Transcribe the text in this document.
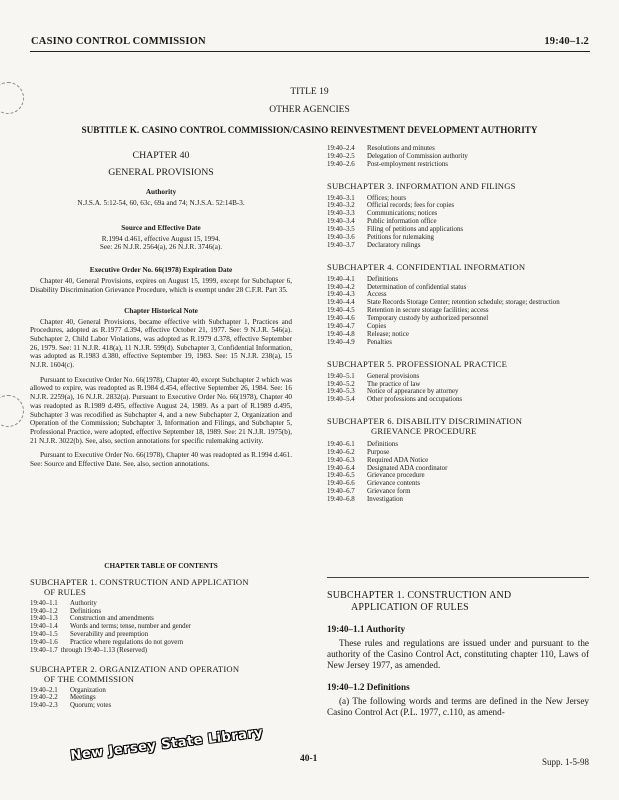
CASINO CONTROL COMMISSION	19:40–1.2
TITLE 19
OTHER AGENCIES
SUBTITLE K. CASINO CONTROL COMMISSION/CASINO REINVESTMENT DEVELOPMENT AUTHORITY
CHAPTER 40
GENERAL PROVISIONS
Authority
N.J.S.A. 5:12-54, 60, 63c, 69a and 74; N.J.S.A. 52:14B-3.
Source and Effective Date
R.1994 d.461, effective August 15, 1994.
See: 26 N.J.R. 2564(a), 26 N.J.R. 3746(a).
Executive Order No. 66(1978) Expiration Date

Chapter 40, General Provisions, expires on August 15, 1999, except for Subchapter 6, Disability Discrimination Grievance Procedure, which is exempt under 28 C.F.R. Part 35.

Chapter Historical Note

Chapter 40, General Provisions, became effective with Subchapter 1, Practices and Procedures, adopted as R.1977 d.394, effective October 21, 1977. See: 9 N.J.R. 546(a). Subchapter 2, Child Labor Violations, was adopted as R.1979 d.378, effective September 26, 1979. See: 11 N.J.R. 418(a), 11 N.J.R. 599(d). Subchapter 3, Confidential Information, was adopted as R.1983 d.380, effective September 19, 1983. See: 15 N.J.R. 238(a), 15 N.J.R. 1604(c).

Pursuant to Executive Order No. 66(1978), Chapter 40, except Subchapter 2 which was allowed to expire, was readopted as R.1984 d.454, effective September 26, 1984. See: 16 N.J.R. 2259(a), 16 N.J.R. 2832(a). Pursuant to Executive Order No. 66(1978), Chapter 40 was readopted as R.1989 d.495, effective August 24, 1989. As a part of R.1989 d.495, Subchapter 3 was recodified as Subchapter 4, and a new Subchapter 2, Organization and Operation of the Commission; Subchapter 3, Information and Filings, and Subchapter 5, Professional Practice, were adopted, effective September 18, 1989. See: 21 N.J.R. 1975(b), 21 N.J.R. 3022(b). See, also, section annotations for specific rulemaking activity.

Pursuant to Executive Order No. 66(1978), Chapter 40 was readopted as R.1994 d.461. See: Source and Effective Date. See, also, section annotations.

CHAPTER TABLE OF CONTENTS

SUBCHAPTER 1. CONSTRUCTION AND APPLICATION
OF RULES

19:40–1.1	Authority
19:40–1.2	Definitions
19:40–1.3	Construction and amendments
19:40–1.4	Words and terms; tense, number and gender
19:40–1.5	Severability and preemption
19:40–1.6	Practice where regulations do not govern
19:40–1.7 through 19:40–1.13 (Reserved)

SUBCHAPTER 2. ORGANIZATION AND OPERATION
OF THE COMMISSION

19:40–2.1	Organization
19:40–2.2	Meetings
19:40–2.3	Quorum; votes
19:40–2.4	Resolutions and minutes
19:40–2.5	Delegation of Commission authority
19:40–2.6	Post-employment restrictions

SUBCHAPTER 3. INFORMATION AND FILINGS

19:40–3.1	Offices; hours
19:40–3.2	Official records; fees for copies
19:40–3.3	Communications; notices
19:40–3.4	Public information office
19:40–3.5	Filing of petitions and applications
19:40–3.6	Petitions for rulemaking
19:40–3.7	Declaratory rulings

SUBCHAPTER 4. CONFIDENTIAL INFORMATION

19:40–4.1	Definitions
19:40–4.2	Determination of confidential status
19:40–4.3	Access
19:40–4.4	State Records Storage Center; retention schedule; storage; destruction
19:40–4.5	Retention in secure storage facilities; access
19:40–4.6	Temporary custody by authorized personnel
19:40–4.7	Copies
19:40–4.8	Release; notice
19:40–4.9	Penalties

SUBCHAPTER 5. PROFESSIONAL PRACTICE

19:40–5.1	General provisions
19:40–5.2	The practice of law
19:40–5.3	Notice of appearance by attorney
19:40–5.4	Other professions and occupations

SUBCHAPTER 6. DISABILITY DISCRIMINATION
GRIEVANCE PROCEDURE

19:40–6.1	Definitions
19:40–6.2	Purpose
19:40–6.3	Required ADA Notice
19:40–6.4	Designated ADA coordinator
19:40–6.5	Grievance procedure
19:40–6.6	Grievance contents
19:40–6.7	Grievance form
19:40–6.8	Investigation

SUBCHAPTER 1. CONSTRUCTION AND
APPLICATION OF RULES

19:40–1.1 Authority

These rules and regulations are issued under and pursuant to the authority of the Casino Control Act, constituting chapter 110, Laws of New Jersey 1977, as amended.

19:40–1.2 Definitions

(a) The following words and terms are defined in the New Jersey Casino Control Act (P.L. 1977, c.110, as amend-

New Jersey State Library	40-1	Supp. 1-5-98
